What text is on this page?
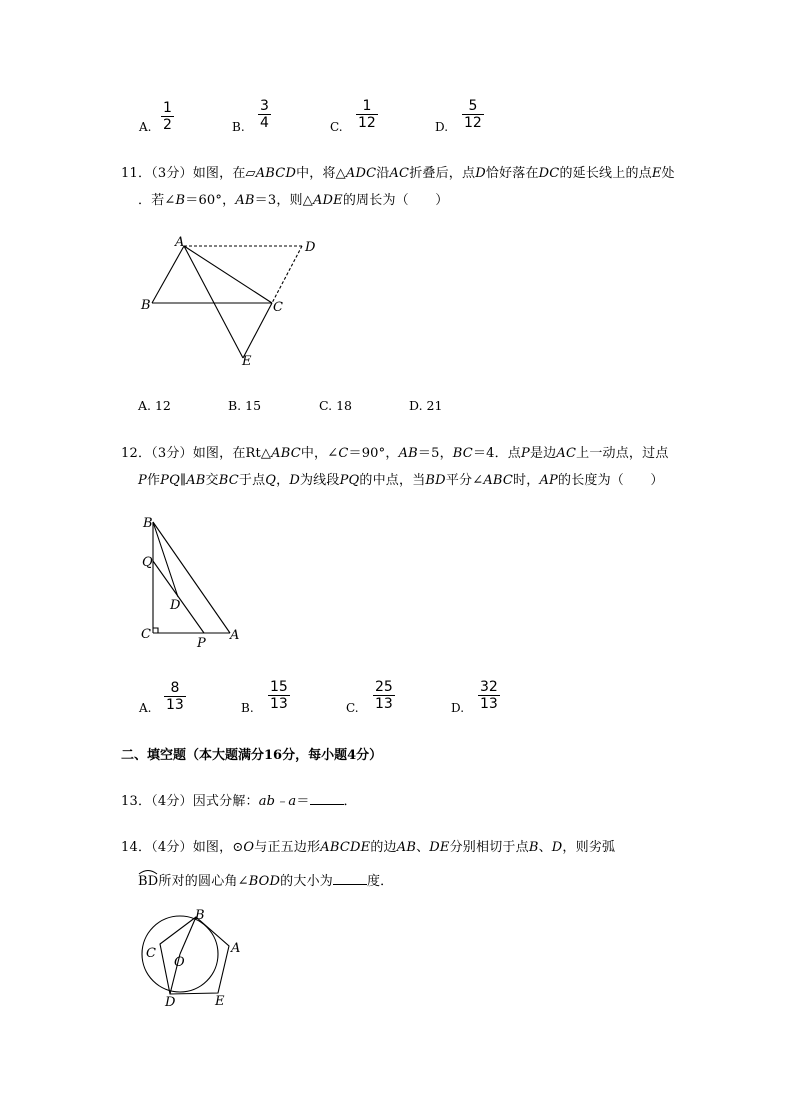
A. $\frac{1}{2}$	B. $\frac{3}{4}$	C. $\frac{1}{12}$	D. $\frac{5}{12}$
11．（3分）如图，在▱ABCD中，将△ADC沿AC折叠后，点D恰好落在DC的延长线上的点E处
．若∠B＝60°，AB＝3，则△ADE的周长为（　　）
A	D
B	C
E
B
Q
D
C
P
A
B
A
C
O
D	E
A. 12	B. 15	C. 18	D. 21
12．（3分）如图，在Rt△ABC中，∠C＝90°，AB＝5，BC＝4．点P是边AC上一动点，过点
P作PQ∥AB交BC于点Q，D为线段PQ的中点，当BD平分∠ABC时，AP的长度为（　　）
A. $\frac{8}{13}$	B. $\frac{15}{13}$	C. $\frac{25}{13}$	D. $\frac{32}{13}$
二、填空题（本大题满分16分，每小题4分）
13．（4分）因式分解：ab﹣a＝	．
14．（4分）如图，⊙O与正五边形ABCDE的边AB、DE分别相切于点B、D，则劣弧
BD所对的圆心角∠BOD的大小为	度．
